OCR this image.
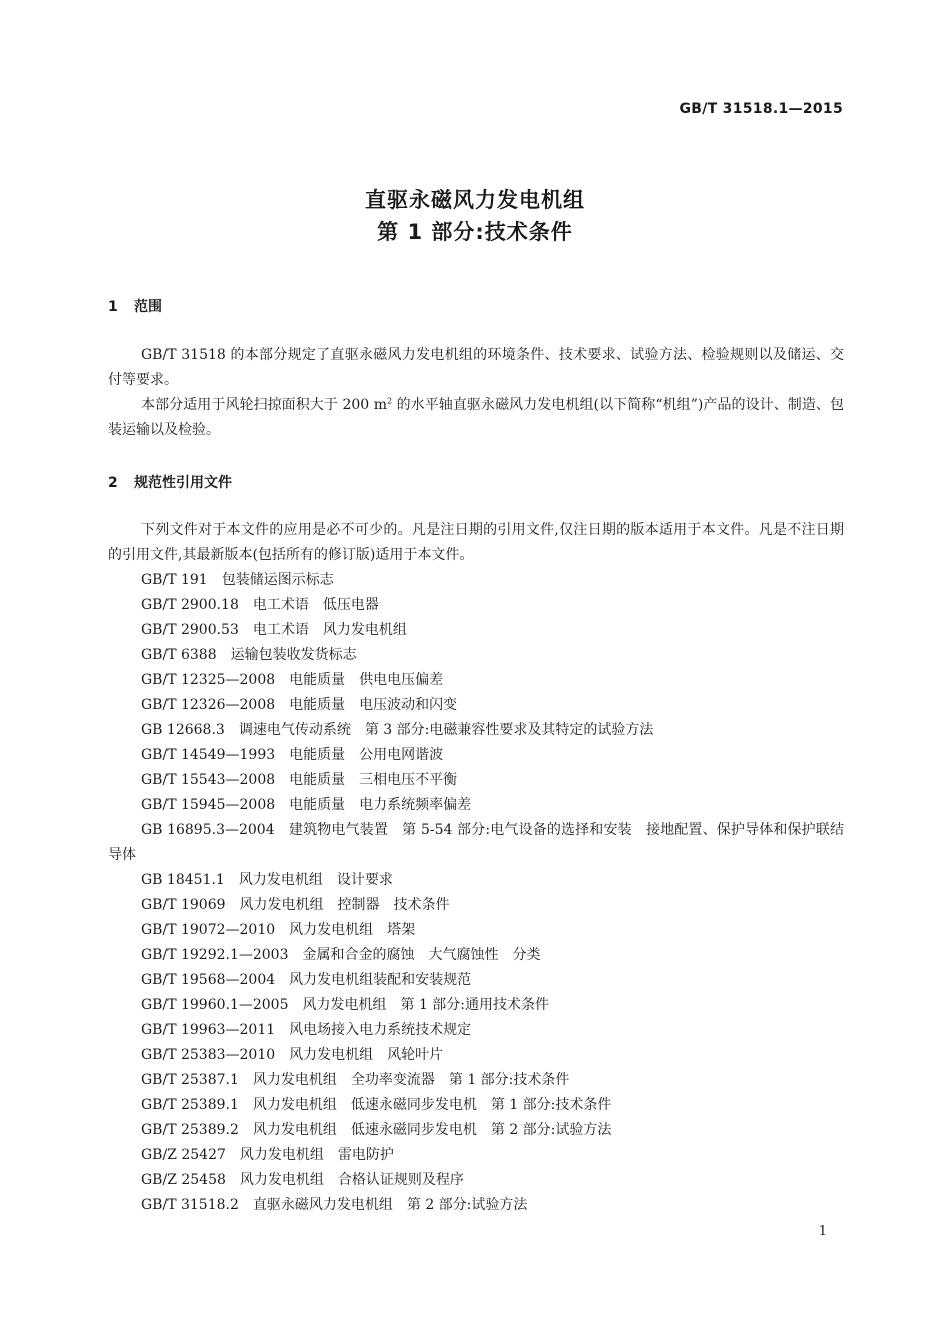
GB/T 31518.1—2015
直驱永磁风力发电机组
第 1 部分:技术条件
1 范围

GB/T 31518 的本部分规定了直驱永磁风力发电机组的环境条件、技术要求、试验方法、检验规则以及储运、交付等要求。

本部分适用于风轮扫掠面积大于 200 $m^2$ 的水平轴直驱永磁风力发电机组(以下简称“机组”)产品的设计、制造、包装运输以及检验。

2 规范性引用文件

下列文件对于本文件的应用是必不可少的。凡是注日期的引用文件,仅注日期的版本适用于本文件。凡是不注日期的引用文件,其最新版本(包括所有的修订版)适用于本文件。

GB/T 191　包装储运图示标志
GB/T 2900.18　电工术语　低压电器
GB/T 2900.53　电工术语　风力发电机组
GB/T 6388　运输包装收发货标志
GB/T 12325—2008　电能质量　供电电压偏差
GB/T 12326—2008　电能质量　电压波动和闪变
GB 12668.3　调速电气传动系统　第 3 部分:电磁兼容性要求及其特定的试验方法
GB/T 14549—1993　电能质量　公用电网谐波
GB/T 15543—2008　电能质量　三相电压不平衡
GB/T 15945—2008　电能质量　电力系统频率偏差
GB 16895.3—2004　建筑物电气装置　第 5-54 部分:电气设备的选择和安装　接地配置、保护导体和保护联结导体
GB 18451.1　风力发电机组　设计要求
GB/T 19069　风力发电机组　控制器　技术条件
GB/T 19072—2010　风力发电机组　塔架
GB/T 19292.1—2003　金属和合金的腐蚀　大气腐蚀性　分类
GB/T 19568—2004　风力发电机组装配和安装规范
GB/T 19960.1—2005　风力发电机组　第 1 部分:通用技术条件
GB/T 19963—2011　风电场接入电力系统技术规定
GB/T 25383—2010　风力发电机组　风轮叶片
GB/T 25387.1　风力发电机组　全功率变流器　第 1 部分:技术条件
GB/T 25389.1　风力发电机组　低速永磁同步发电机　第 1 部分:技术条件
GB/T 25389.2　风力发电机组　低速永磁同步发电机　第 2 部分:试验方法
GB/Z 25427　风力发电机组　雷电防护
GB/Z 25458　风力发电机组　合格认证规则及程序
GB/T 31518.2　直驱永磁风力发电机组　第 2 部分:试验方法
1
